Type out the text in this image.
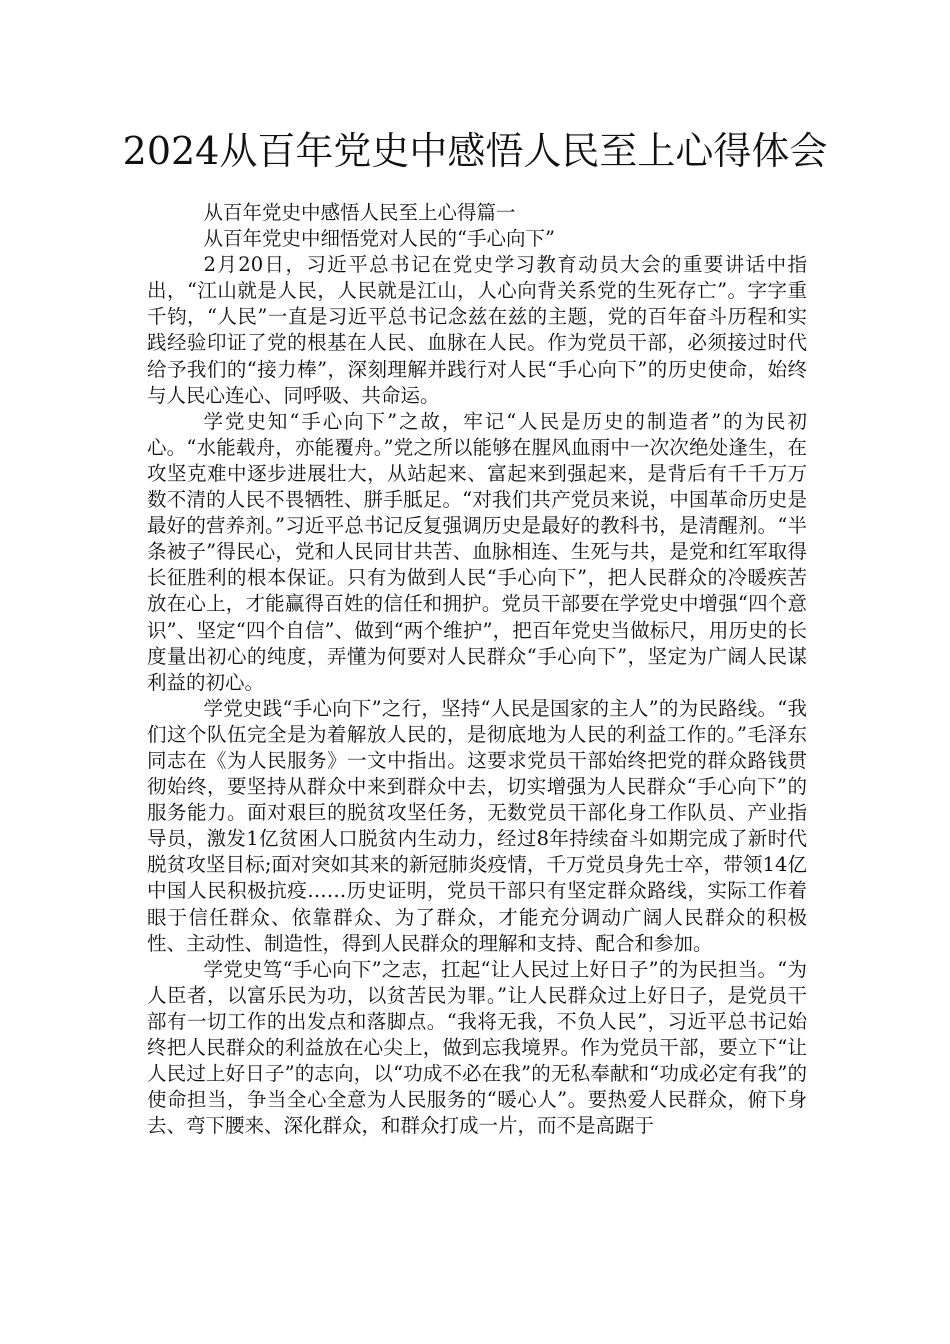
2024从百年党史中感悟人民至上心得体会

从百年党史中感悟人民至上心得篇一

从百年党史中细悟党对人民的“手心向下”

2月20日，习近平总书记在党史学习教育动员大会的重要讲话中指出，“江山就是人民，人民就是江山，人心向背关系党的生死存亡”。字字重千钧，“人民”一直是习近平总书记念兹在兹的主题，党的百年奋斗历程和实践经验印证了党的根基在人民、血脉在人民。作为党员干部，必须接过时代给予我们的“接力棒”，深刻理解并践行对人民“手心向下”的历史使命，始终与人民心连心、同呼吸、共命运。

学党史知“手心向下”之故，牢记“人民是历史的制造者”的为民初心。“水能载舟，亦能覆舟。”党之所以能够在腥风血雨中一次次绝处逢生，在攻坚克难中逐步进展壮大，从站起来、富起来到强起来，是背后有千千万万数不清的人民不畏牺牲、胼手胝足。“对我们共产党员来说，中国革命历史是最好的营养剂。”习近平总书记反复强调历史是最好的教科书，是清醒剂。“半条被子”得民心，党和人民同甘共苦、血脉相连、生死与共，是党和红军取得长征胜利的根本保证。只有为做到人民“手心向下”，把人民群众的冷暖疾苦放在心上，才能赢得百姓的信任和拥护。党员干部要在学党史中增强“四个意识”、坚定“四个自信”、做到“两个维护”，把百年党史当做标尺，用历史的长度量出初心的纯度，弄懂为何要对人民群众“手心向下”，坚定为广阔人民谋利益的初心。

学党史践“手心向下”之行，坚持“人民是国家的主人”的为民路线。“我们这个队伍完全是为着解放人民的，是彻底地为人民的利益工作的。”毛泽东同志在《为人民服务》一文中指出。这要求党员干部始终把党的群众路钱贯彻始终，要坚持从群众中来到群众中去，切实增强为人民群众“手心向下”的服务能力。面对艰巨的脱贫攻坚任务，无数党员干部化身工作队员、产业指导员，激发1亿贫困人口脱贫内生动力，经过8年持续奋斗如期完成了新时代脱贫攻坚目标;面对突如其来的新冠肺炎疫情，千万党员身先士卒，带领14亿中国人民积极抗疫……历史证明，党员干部只有坚定群众路线，实际工作着眼于信任群众、依靠群众、为了群众，才能充分调动广阔人民群众的积极性、主动性、制造性，得到人民群众的理解和支持、配合和参加。

学党史笃“手心向下”之志，扛起“让人民过上好日子”的为民担当。“为人臣者，以富乐民为功，以贫苦民为罪。”让人民群众过上好日子，是党员干部有一切工作的出发点和落脚点。“我将无我，不负人民”，习近平总书记始终把人民群众的利益放在心尖上，做到忘我境界。作为党员干部，要立下“让人民过上好日子”的志向，以“功成不必在我”的无私奉献和“功成必定有我”的使命担当，争当全心全意为人民服务的“暖心人”。要热爱人民群众，俯下身去、弯下腰来、深化群众，和群众打成一片，而不是高踞于
